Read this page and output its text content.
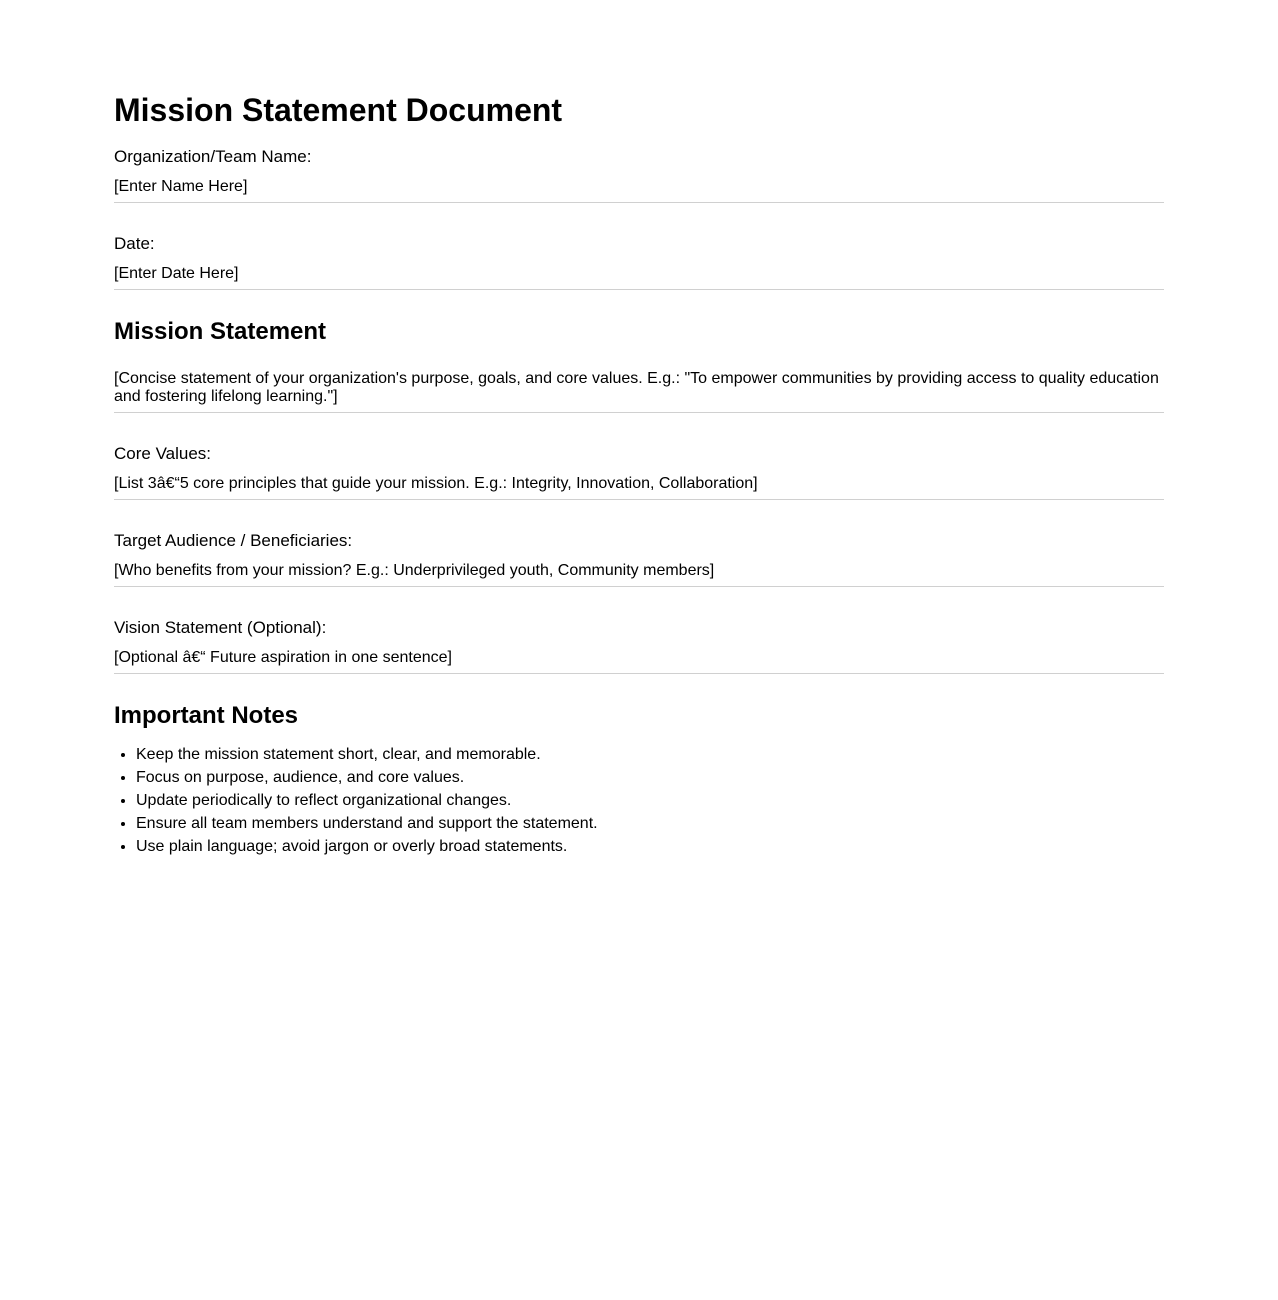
Mission Statement Document
Organization/Team Name:
[Enter Name Here]
Date:
[Enter Date Here]
Mission Statement
[Concise statement of your organization's purpose, goals, and core values. E.g.: "To empower communities by providing access to quality education and fostering lifelong learning."]
Core Values:
[List 3â€“5 core principles that guide your mission. E.g.: Integrity, Innovation, Collaboration]
Target Audience / Beneficiaries:
[Who benefits from your mission? E.g.: Underprivileged youth, Community members]
Vision Statement (Optional):
[Optional â€“ Future aspiration in one sentence]
Important Notes
• Keep the mission statement short, clear, and memorable.
• Focus on purpose, audience, and core values.
• Update periodically to reflect organizational changes.
• Ensure all team members understand and support the statement.
• Use plain language; avoid jargon or overly broad statements.
